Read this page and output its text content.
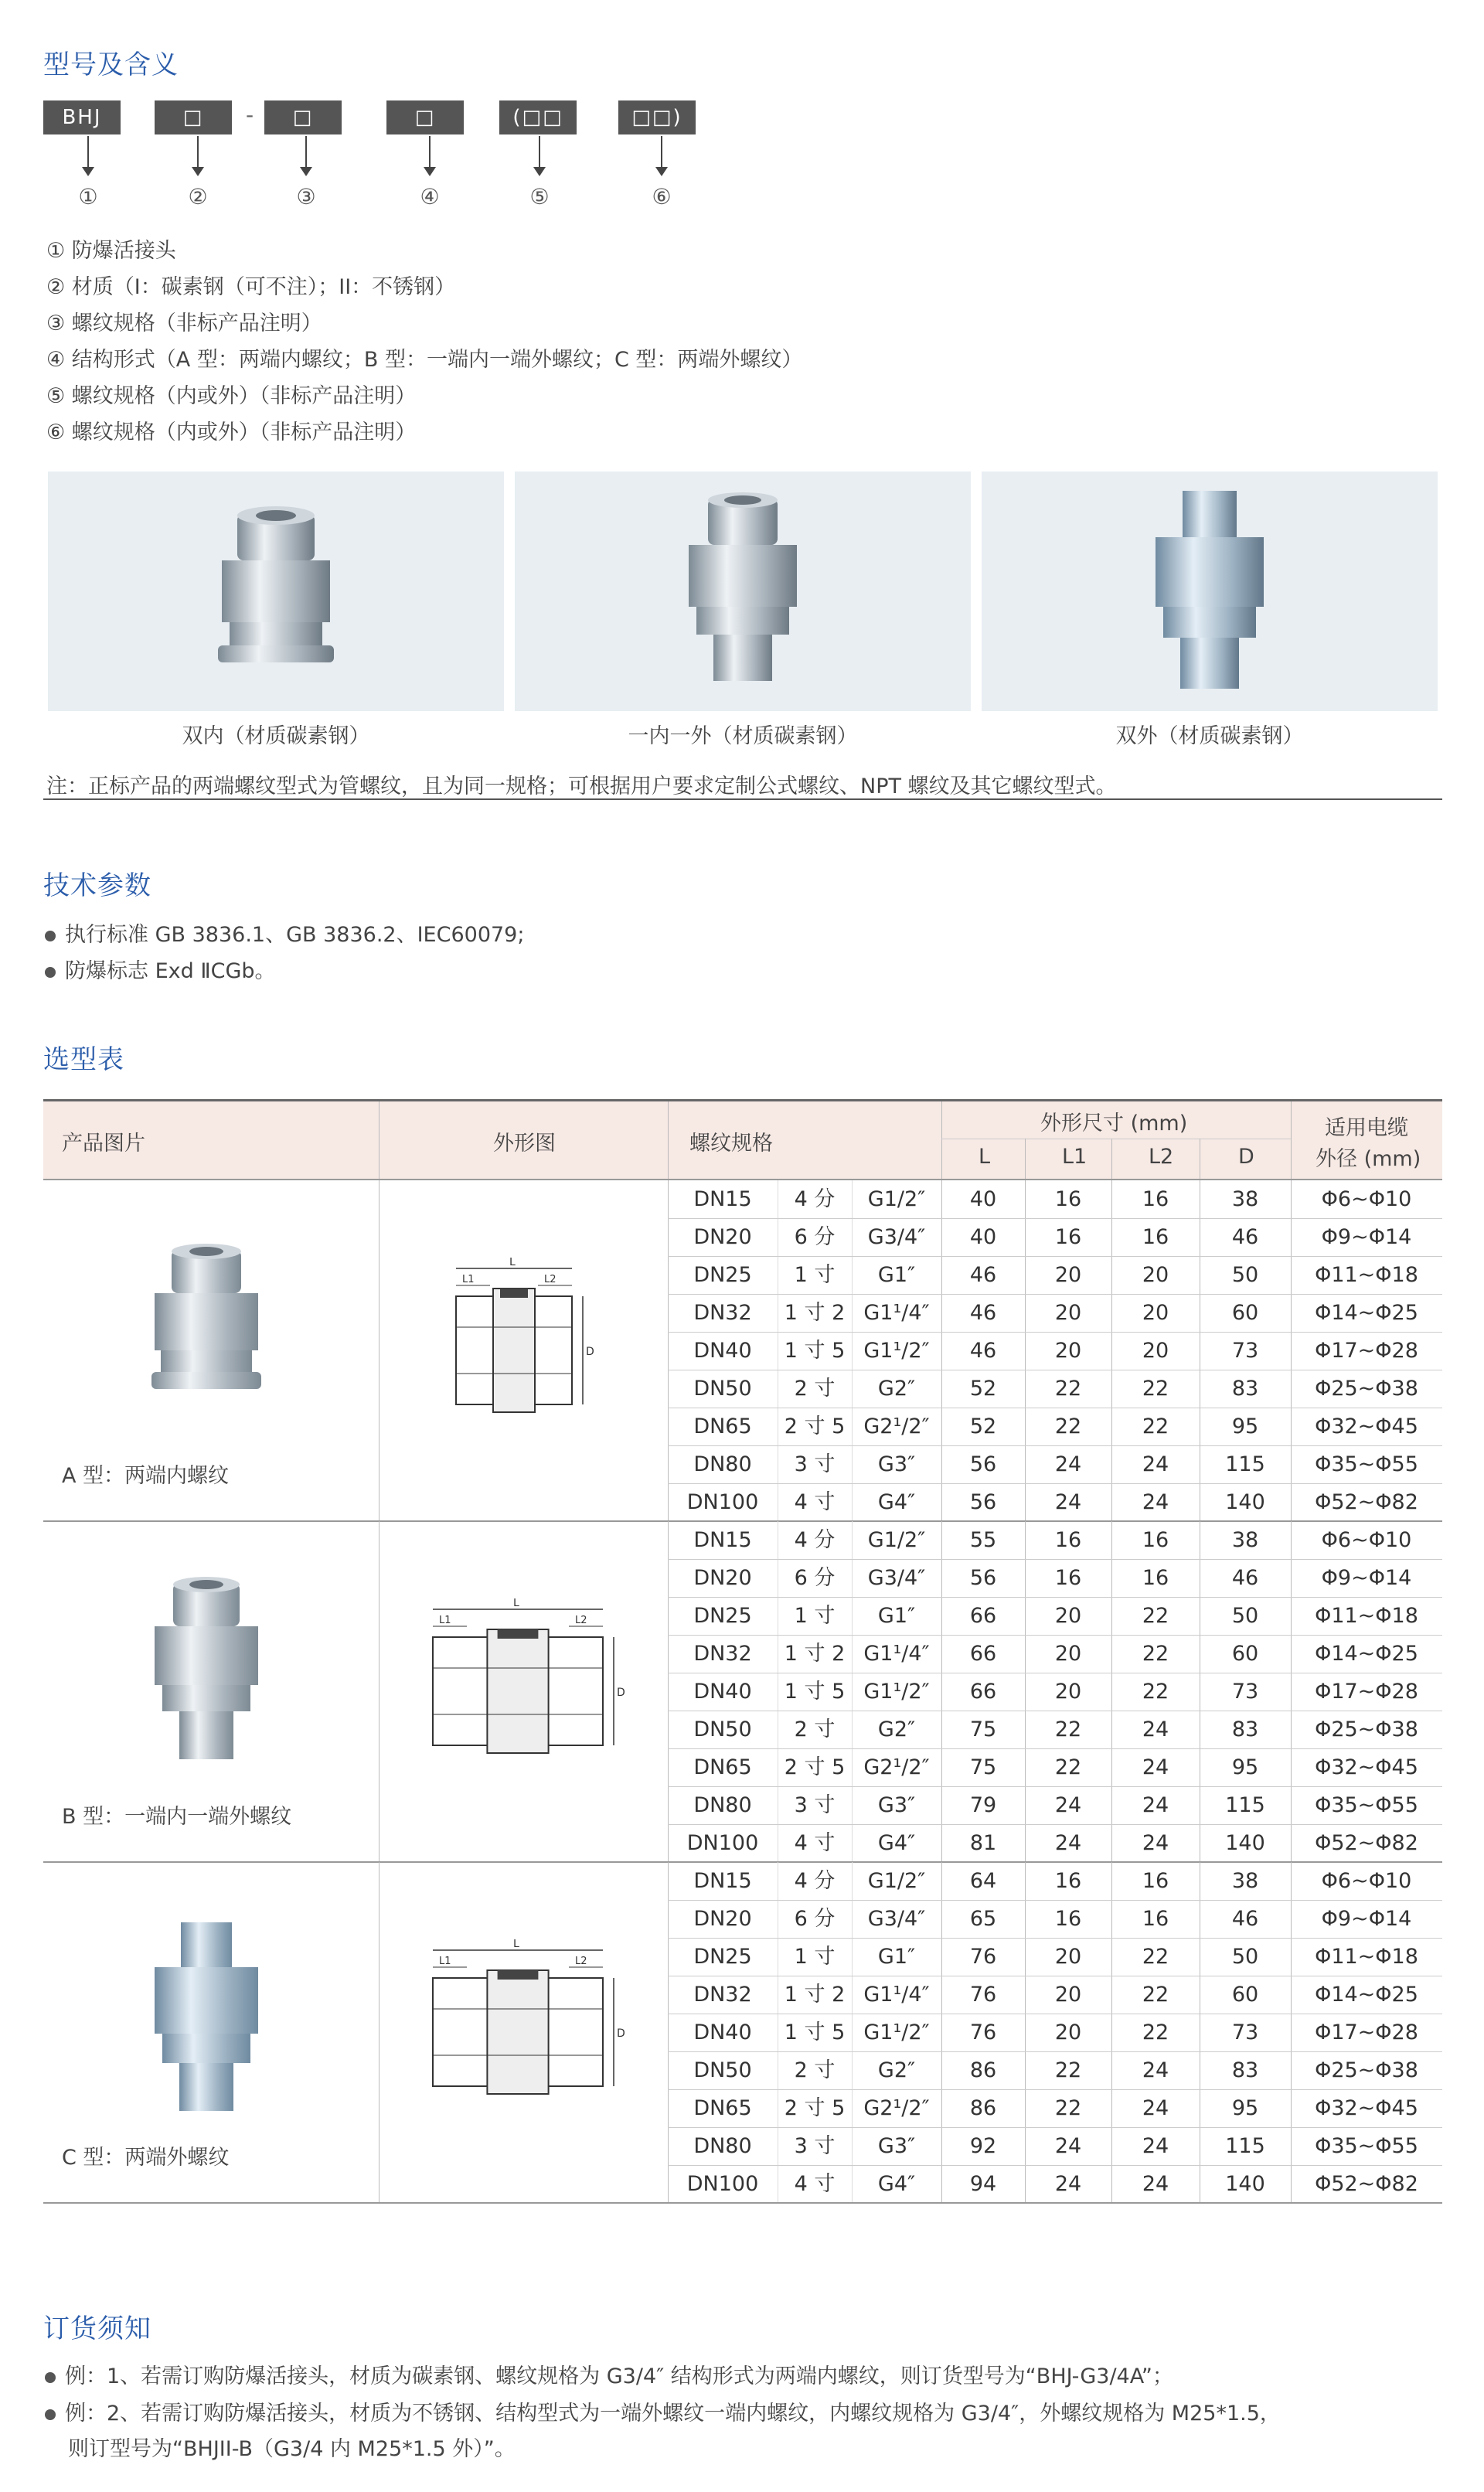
型号及含义
BHJ	□	-	□	□	(□□	□□)
①	②	③	④	⑤	⑥
① 防爆活接头
② 材质（I：碳素钢（可不注）；II：不锈钢）
③ 螺纹规格（非标产品注明）
④ 结构形式（A 型：两端内螺纹；B 型：一端内一端外螺纹；C 型：两端外螺纹）
⑤ 螺纹规格（内或外）（非标产品注明）
⑥ 螺纹规格（内或外）（非标产品注明）
双内（材质碳素钢）	一内一外（材质碳素钢）	双外（材质碳素钢）
注：正标产品的两端螺纹型式为管螺纹，且为同一规格；可根据用户要求定制公式螺纹、NPT 螺纹及其它螺纹型式。
技术参数
执行标准 GB 3836.1、GB 3836.2、IEC60079;
防爆标志 Exd ⅡCGb。
选型表
产品图片	外形图	螺纹规格
外形尺寸 (mm)
L	L1	L2	D
适用电缆
外径 (mm)
DN15	4 分	G1/2″	40	16	16	38	Φ6~Φ10
DN20	6 分	G3/4″	40	16	16	46	Φ9~Φ14
DN25	1 寸	G1″	46	20	20	50	Φ11~Φ18
DN32	1 寸 2 G1¹/4″	46	20	20	60	Φ14~Φ25
DN40	1 寸 5 G1¹/2″	46	20	20	73	Φ17~Φ28
DN50	2 寸	G2″	52	22	22	83	Φ25~Φ38
DN65	2 寸 5 G2¹/2″	52	22	22	95	Φ32~Φ45
DN80	3 寸	G3″	56	24	24	115	Φ35~Φ55
DN100	4 寸	G4″	56	24	24	140	Φ52~Φ82
A 型：两端内螺纹
L
L1	L2
D
DN15	4 分	G1/2″	55	16	16	38	Φ6~Φ10
DN20	6 分	G3/4″	56	16	16	46	Φ9~Φ14
DN25	1 寸	G1″	66	20	22	50	Φ11~Φ18
DN32	1 寸 2 G1¹/4″	66	20	22	60	Φ14~Φ25
DN40	1 寸 5 G1¹/2″	66	20	22	73	Φ17~Φ28
DN50	2 寸	G2″	75	22	24	83	Φ25~Φ38
DN65	2 寸 5 G2¹/2″	75	22	24	95	Φ32~Φ45
DN80	3 寸	G3″	79	24	24	115	Φ35~Φ55
DN100	4 寸	G4″	81	24	24	140	Φ52~Φ82
B 型：一端内一端外螺纹
L
L1	L2
D
DN15	4 分	G1/2″	64	16	16	38	Φ6~Φ10
DN20	6 分	G3/4″	65	16	16	46	Φ9~Φ14
DN25	1 寸	G1″	76	20	22	50	Φ11~Φ18
DN32	1 寸 2 G1¹/4″	76	20	22	60	Φ14~Φ25
DN40	1 寸 5 G1¹/2″	76	20	22	73	Φ17~Φ28
DN50	2 寸	G2″	86	22	24	83	Φ25~Φ38
DN65	2 寸 5 G2¹/2″	86	22	24	95	Φ32~Φ45
DN80	3 寸	G3″	92	24	24	115	Φ35~Φ55
DN100	4 寸	G4″	94	24	24	140	Φ52~Φ82
C 型：两端外螺纹
L
L1	L2
D
订货须知
例：1、若需订购防爆活接头，材质为碳素钢、螺纹规格为 G3/4″ 结构形式为两端内螺纹，则订货型号为“BHJ-G3/4A”；
例：2、若需订购防爆活接头，材质为不锈钢、结构型式为一端外螺纹一端内螺纹，内螺纹规格为 G3/4″，外螺纹规格为 M25*1.5，
则订型号为“BHJII-B（G3/4 内 M25*1.5 外）”。
